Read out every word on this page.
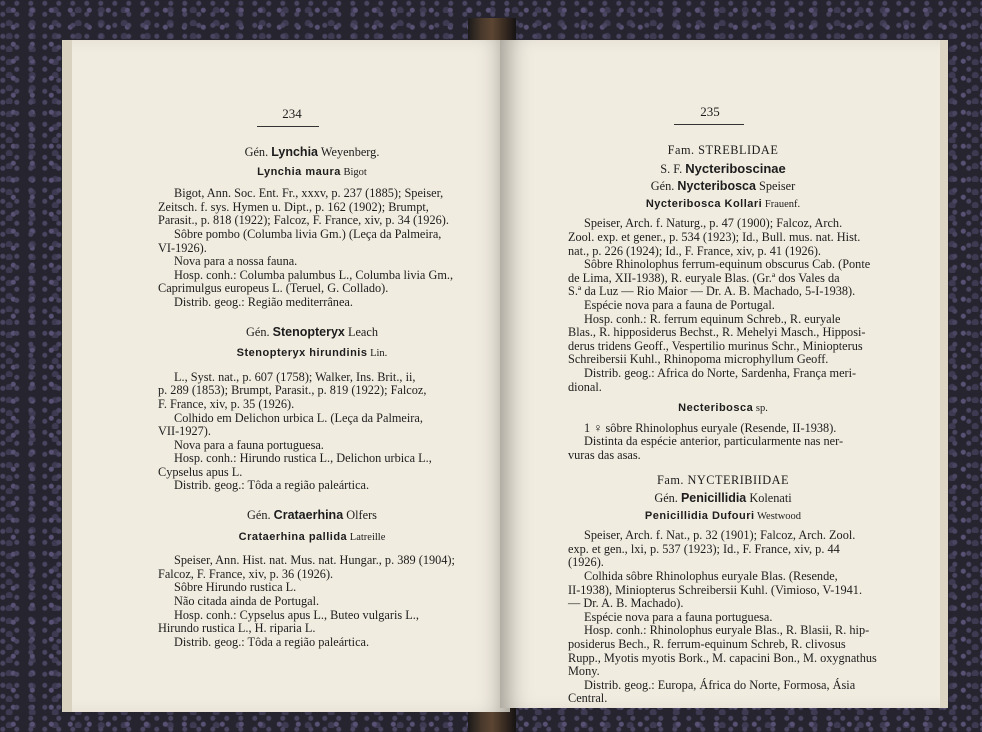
234

Gén. Lynchia Weyenberg.

Lynchia maura Bigot

Bigot, Ann. Soc. Ent. Fr., xxxv, p. 237 (1885); Speiser,

Zeitsch. f. sys. Hymen u. Dipt., p. 162 (1902); Brumpt,

Parasit., p. 818 (1922); Falcoz, F. France, xiv, p. 34 (1926).

Sôbre pombo (Columba livia Gm.) (Leça da Palmeira,

VI-1926).

Nova para a nossa fauna.

Hosp. conh.: Columba palumbus L., Columba livia Gm.,

Caprimulgus europeus L. (Teruel, G. Collado).

Distrib. geog.: Região mediterrânea.

Gén. Stenopteryx Leach

Stenopteryx hirundinis Lin.

L., Syst. nat., p. 607 (1758); Walker, Ins. Brit., ii,

p. 289 (1853); Brumpt, Parasit., p. 819 (1922); Falcoz,

F. France, xiv, p. 35 (1926).

Colhido em Delichon urbica L. (Leça da Palmeira,

VII-1927).

Nova para a fauna portuguesa.

Hosp. conh.: Hirundo rustica L., Delichon urbica L.,

Cypselus apus L.

Distrib. geog.: Tôda a região paleártica.

Gén. Crataerhina Olfers

Crataerhina pallida Latreille

Speiser, Ann. Hist. nat. Mus. nat. Hungar., p. 389 (1904);

Falcoz, F. France, xiv, p. 36 (1926).

Sôbre Hirundo rustica L.

Não citada ainda de Portugal.

Hosp. conh.: Cypselus apus L., Buteo vulgaris L.,

Hirundo rustica L., H. riparia L.

Distrib. geog.: Tôda a região paleártica.

235

Fam. STREBLIDAE

S. F. Nycteriboscinae

Gén. Nycteribosca Speiser

Nycteribosca Kollari Frauenf.

Speiser, Arch. f. Naturg., p. 47 (1900); Falcoz, Arch.

Zool. exp. et gener., p. 534 (1923); Id., Bull. mus. nat. Hist.

nat., p. 226 (1924); Id., F. France, xiv, p. 41 (1926).

Sôbre Rhinolophus ferrum-equinum obscurus Cab. (Ponte

de Lima, XII-1938), R. euryale Blas. (Gr.ª dos Vales da

S.ª da Luz — Rio Maior — Dr. A. B. Machado, 5-I-1938).

Espécie nova para a fauna de Portugal.

Hosp. conh.: R. ferrum equinum Schreb., R. euryale

Blas., R. hipposiderus Bechst., R. Mehelyi Masch., Hipposi-

derus tridens Geoff., Vespertilio murinus Schr., Miniopterus

Schreibersii Kuhl., Rhinopoma microphyllum Geoff.

Distrib. geog.: Africa do Norte, Sardenha, França meri-

dional.

Necteribosca sp.

1 ♀ sôbre Rhinolophus euryale (Resende, II-1938).

Distinta da espécie anterior, particularmente nas ner-

vuras das asas.

Fam. NYCTERIBIIDAE

Gén. Penicillidia Kolenati

Penicillidia Dufouri Westwood

Speiser, Arch. f. Nat., p. 32 (1901); Falcoz, Arch. Zool.

exp. et gen., lxi, p. 537 (1923); Id., F. France, xiv, p. 44

(1926).

Colhida sôbre Rhinolophus euryale Blas. (Resende,

II-1938), Miniopterus Schreibersii Kuhl. (Vimioso, V-1941.

— Dr. A. B. Machado).

Espécie nova para a fauna portuguesa.

Hosp. conh.: Rhinolophus euryale Blas., R. Blasii, R. hip-

posiderus Bech., R. ferrum-equinum Schreb, R. clivosus

Rupp., Myotis myotis Bork., M. capacini Bon., M. oxygnathus

Mony.

Distrib. geog.: Europa, África do Norte, Formosa, Ásia

Central.
